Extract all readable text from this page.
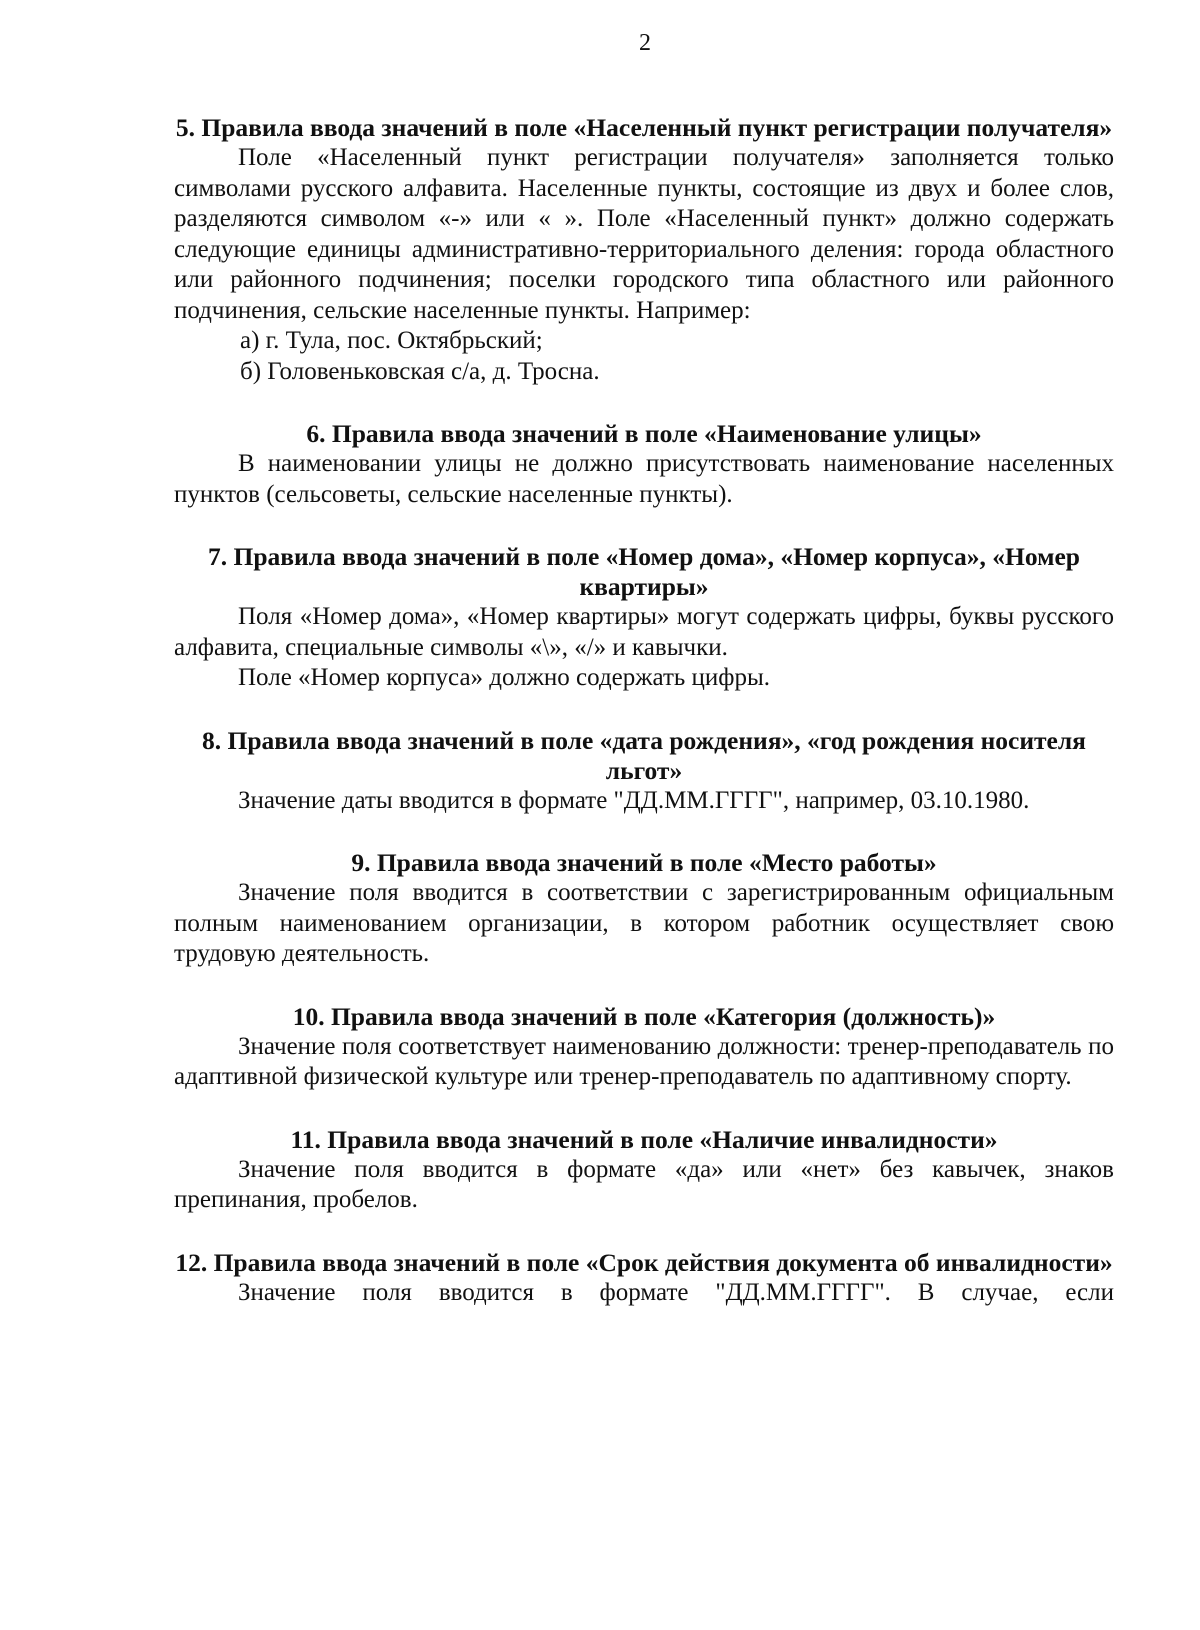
2
5. Правила ввода значений в поле «Населенный пункт регистрации получателя»

Поле «Населенный пункт регистрации получателя» заполняется только символами русского алфавита. Населенные пункты, состоящие из двух и более слов, разделяются символом «-» или « ». Поле «Населенный пункт» должно содержать следующие единицы административно-территориального деления: города областного или районного подчинения; поселки городского типа областного или районного подчинения, сельские населенные пункты. Например:

а) г. Тула, пос. Октябрьский;

б) Головеньковская с/а, д. Тросна.

6. Правила ввода значений в поле «Наименование улицы»

В наименовании улицы не должно присутствовать наименование населенных пунктов (сельсоветы, сельские населенные пункты).

7. Правила ввода значений в поле «Номер дома», «Номер корпуса», «Номер квартиры»

Поля «Номер дома», «Номер квартиры» могут содержать цифры, буквы русского алфавита, специальные символы «\», «/» и кавычки.

Поле «Номер корпуса» должно содержать цифры.

8. Правила ввода значений в поле «дата рождения», «год рождения носителя льгот»

Значение даты вводится в формате "ДД.ММ.ГГГГ", например, 03.10.1980.

9. Правила ввода значений в поле «Место работы»

Значение поля вводится в соответствии с зарегистрированным официальным полным наименованием организации, в котором работник осуществляет свою трудовую деятельность.

10. Правила ввода значений в поле «Категория (должность)»

Значение поля соответствует наименованию должности: тренер-преподаватель по адаптивной физической культуре или тренер-преподаватель по адаптивному спорту.

11. Правила ввода значений в поле «Наличие инвалидности»

Значение поля вводится в формате «да» или «нет» без кавычек, знаков препинания, пробелов.

12. Правила ввода значений в поле «Срок действия документа об инвалидности»

Значение поля вводится в формате "ДД.ММ.ГГГГ". В случае, если
